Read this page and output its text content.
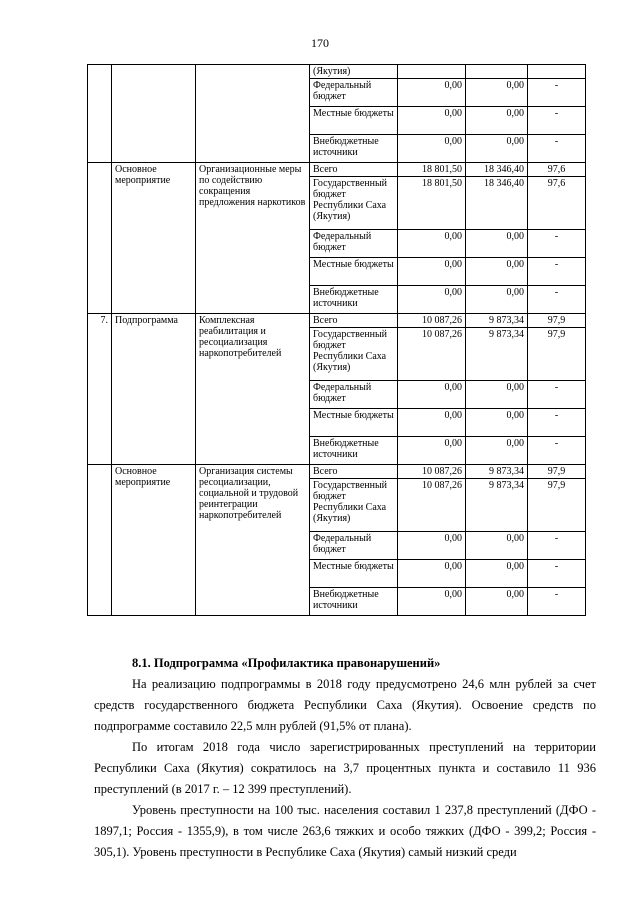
170
			(Якутия)			
			Федеральный бюджет	0,00	0,00	-
			Местные бюджеты	0,00	0,00	-
			Внебюджетные источники	0,00	0,00	-
	Основное мероприятие	Организационные меры по содействию сокращения предложения наркотиков	Всего	18 801,50	18 346,40	97,6
			Государственный бюджет Республики Саха (Якутия)	18 801,50	18 346,40	97,6
			Федеральный бюджет	0,00	0,00	-
			Местные бюджеты	0,00	0,00	-
			Внебюджетные источники	0,00	0,00	-
7.	Подпрограмма	Комплексная реабилитация и ресоциализация наркопотребителей	Всего	10 087,26	9 873,34	97,9
			Государственный бюджет Республики Саха (Якутия)	10 087,26	9 873,34	97,9
			Федеральный бюджет	0,00	0,00	-
			Местные бюджеты	0,00	0,00	-
			Внебюджетные источники	0,00	0,00	-
	Основное мероприятие	Организация системы ресоциализации, социальной и трудовой реинтеграции наркопотребителей	Всего	10 087,26	9 873,34	97,9
			Государственный бюджет Республики Саха (Якутия)	10 087,26	9 873,34	97,9
			Федеральный бюджет	0,00	0,00	-
			Местные бюджеты	0,00	0,00	-
			Внебюджетные источники	0,00	0,00	-
8.1. Подпрограмма «Профилактика правонарушений»

На реализацию подпрограммы в 2018 году предусмотрено 24,6 млн рублей за счет средств государственного бюджета Республики Саха (Якутия). Освоение средств по подпрограмме составило 22,5 млн рублей (91,5% от плана).

По итогам 2018 года число зарегистрированных преступлений на территории Республики Саха (Якутия) сократилось на 3,7 процентных пункта и составило 11 936 преступлений (в 2017 г. – 12 399 преступлений).

Уровень преступности на 100 тыс. населения составил 1 237,8 преступлений (ДФО - 1897,1; Россия - 1355,9), в том числе 263,6 тяжких и особо тяжких (ДФО - 399,2; Россия - 305,1). Уровень преступности в Республике Саха (Якутия) самый низкий среди
